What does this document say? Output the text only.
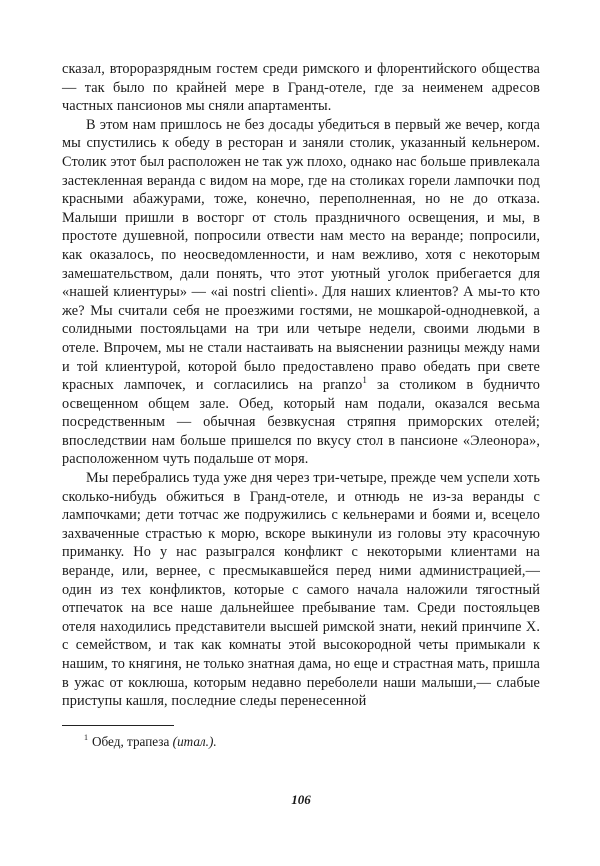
сказал, второразрядным гостем среди римского и флорентийского общества — так было по крайней мере в Гранд-отеле, где за неименем адресов частных пансионов мы сняли апартаменты.

В этом нам пришлось не без досады убедиться в первый же вечер, когда мы спустились к обеду в ресторан и заняли столик, указанный кельнером. Столик этот был расположен не так уж плохо, однако нас больше привлекала застекленная веранда с видом на море, где на столиках горели лампочки под красными абажурами, тоже, конечно, переполненная, но не до отказа. Малыши пришли в восторг от столь праздничного освещения, и мы, в простоте душевной, попросили отвести нам место на веранде; попросили, как оказалось, по неосведомленности, и нам вежливо, хотя с некоторым замешательством, дали понять, что этот уютный уголок прибегается для «нашей клиентуры» — «ai nostri clienti». Для наших клиентов? А мы-то кто же? Мы считали себя не проезжими гостями, не мошкарой-однодневкой, а солидными постояльцами на три или четыре недели, своими людьми в отеле. Впрочем, мы не стали настаивать на выяснении разницы между нами и той клиентурой, которой было предоставлено право обедать при свете красных лампочек, и согласились на pranzo$^1$ за столиком в будничто освещенном общем зале. Обед, который нам подали, оказался весьма посредственным — обычная безвкусная стряпня приморских отелей; впоследствии нам больше пришелся по вкусу стол в пансионе «Элеонора», расположенном чуть подальше от моря.

Мы перебрались туда уже дня через три-четыре, прежде чем успели хоть сколько-нибудь обжиться в Гранд-отеле, и отнюдь не из-за веранды с лампочками; дети тотчас же подружились с кельнерами и боями и, всецело захваченные страстью к морю, вскоре выкинули из головы эту красочную приманку. Но у нас разыгрался конфликт с некоторыми клиентами на веранде, или, вернее, с пресмыкавшейся перед ними администрацией,— один из тех конфликтов, которые с самого начала наложили тягостный отпечаток на все наше дальнейшее пребывание там. Среди постояльцев отеля находились представители высшей римской знати, некий принчипе X. с семейством, и так как комнаты этой высокородной четы примыкали к нашим, то княгиня, не только знатная дама, но еще и страстная мать, пришла в ужас от коклюша, которым недавно переболели наши малыши,— слабые приступы кашля, последние следы перенесенной

$^1$ Обед, трапеза (итал.).
106
